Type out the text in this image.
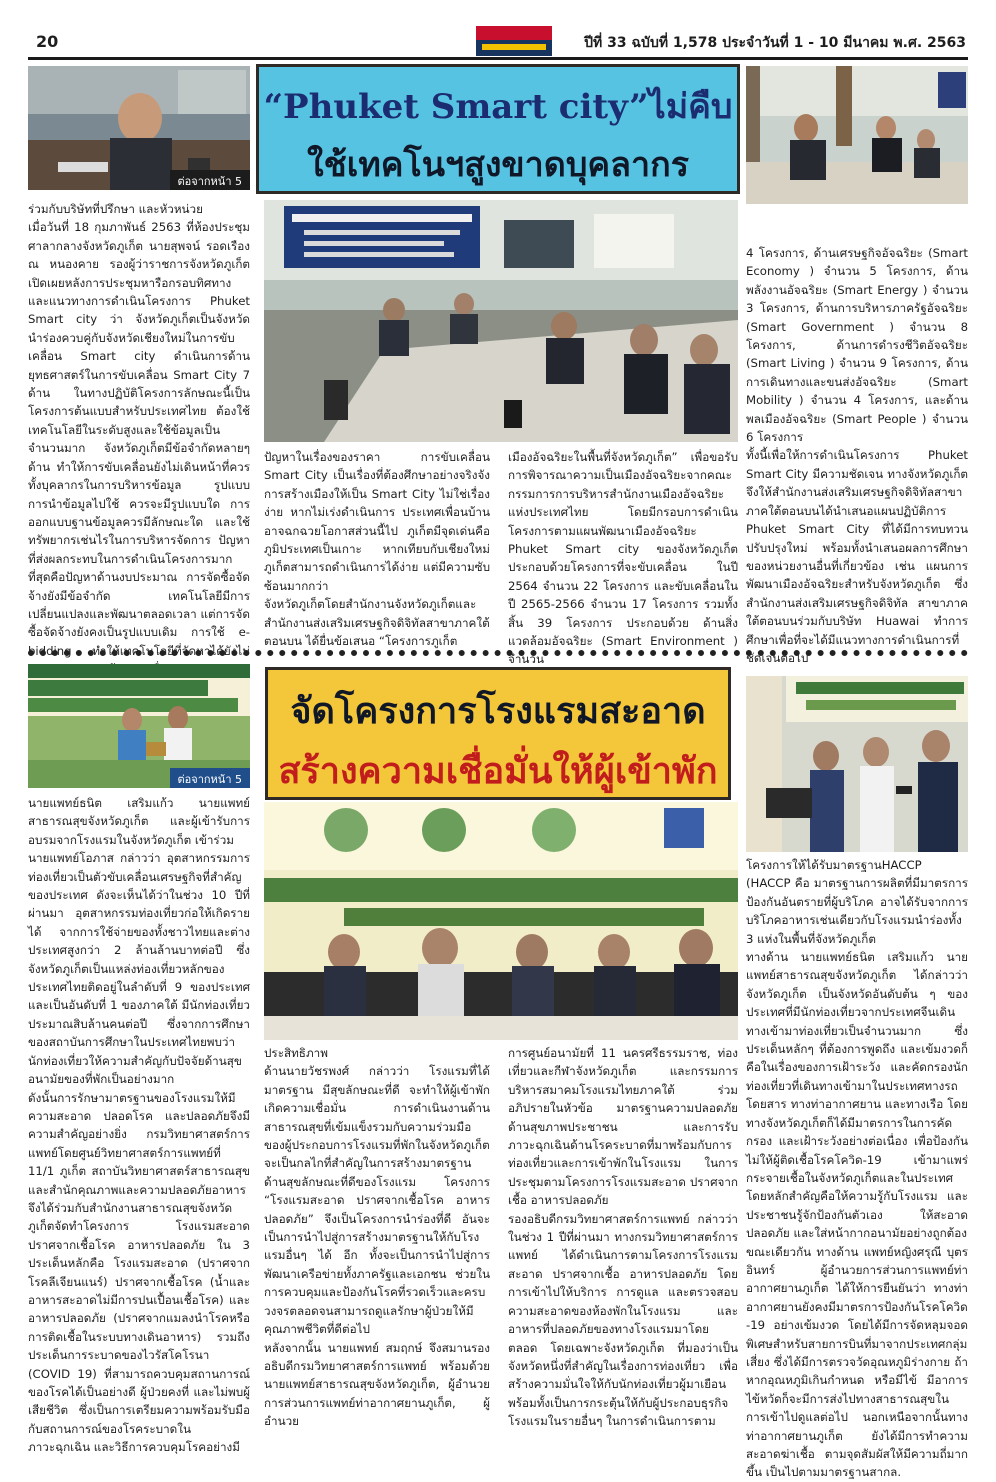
20	ปีที่ 33 ฉบับที่ 1,578 ประจำวันที่ 1 - 10 มีนาคม พ.ศ. 2563
ต่อจากหน้า 5
“Phuket Smart city”ไม่คืบ
ใช้เทคโนฯสูงขาดบุคลากร

ร่วมกับบริษัทที่ปรึกษา และหัวหน่วย
เมื่อวันที่ 18 กุมภาพันธ์ 2563 ที่ห้องประชุมศาลากลางจังหวัดภูเก็ต นายสุพจน์ รอดเรือง ณ หนองคาย รองผู้ว่าราชการจังหวัดภูเก็ต เปิดเผยหลังการประชุมหารือกรอบทิศทางและแนวทางการดำเนินโครงการ Phuket Smart city ว่า จังหวัดภูเก็ตเป็นจังหวัดนำร่องควบคู่กับจังหวัดเชียงใหม่ในการขับเคลื่อน Smart city ดำเนินการด้านยุทธศาสตร์ในการขับเคลื่อน Smart City 7 ด้าน ในทางปฏิบัติโครงการลักษณะนี้เป็นโครงการต้นแบบสำหรับประเทศไทย ต้องใช้เทคโนโลยีในระดับสูงและใช้ข้อมูลเป็นจำนวนมาก จังหวัดภูเก็ตมีข้อจำกัดหลายๆ ด้าน ทำให้การขับเคลื่อนยังไม่เดินหน้าที่ควรทั้งบุคลากรในการบริหารข้อมูล รูปแบบการนำข้อมูลไปใช้ ควรจะมีรูปแบบใด การออกแบบฐานข้อมูลควรมีลักษณะใด และใช้ทรัพยากรเช่นไรในการบริหารจัดการ ปัญหาที่ส่งผลกระทบในการดำเนินโครงการมากที่สุดคือปัญหาด้านงบประมาณ การจัดซื้อจัดจ้างยังมีข้อจำกัด เทคโนโลยีมีการเปลี่ยนแปลงและพัฒนาตลอดเวลา แต่การจัดซื้อจัดจ้างยังคงเป็นรูปแบบเดิม การใช้ e-bidding ทำให้เทคโนโลยีที่จัดหาได้ยังไม่

ปัญหาในเรื่องของราคา การขับเคลื่อน Smart City เป็นเรื่องที่ต้องศึกษาอย่างจริงจัง การสร้างเมืองให้เป็น Smart City ไม่ใช่เรื่องง่าย หากไม่เร่งดำเนินการ ประเทศเพื่อนบ้านอาจฉกฉวยโอกาสส่วนนี้ไป ภูเก็ตมีจุดเด่นคือภูมิประเทศเป็นเกาะ หากเทียบกับเชียงใหม่ภูเก็ตสามารถดำเนินการได้ง่าย แต่มีความซับซ้อนมากกว่า
จังหวัดภูเก็ตโดยสำนักงานจังหวัดภูเก็ตและสำนักงานส่งเสริมเศรษฐกิจดิจิทัลสาขาภาคใต้ตอนบน ได้ยื่นข้อเสนอ “โครงการภูเก็ต

เมืองอัจฉริยะในพื้นที่จังหวัดภูเก็ต” เพื่อขอรับการพิจารณาความเป็นเมืองอัจฉริยะจากคณะกรรมการการบริหารสำนักงานเมืองอัจฉริยะแห่งประเทศไทย โดยมีกรอบการดำเนินโครงการตามแผนพัฒนาเมืองอัจฉริยะ Phuket Smart city ของจังหวัดภูเก็ต ประกอบด้วยโครงการที่จะขับเคลื่อน ในปี 2564 จำนวน 22 โครงการ และขับเคลื่อนในปี 2565-2566 จำนวน 17 โครงการ รวมทั้งสิ้น 39 โครงการ ประกอบด้วย ด้านสิ่งแวดล้อมอัจฉริยะ (Smart Environment ) จำนวน

4 โครงการ, ด้านเศรษฐกิจอัจฉริยะ (Smart Economy ) จำนวน 5 โครงการ, ด้านพลังงานอัจฉริยะ (Smart Energy ) จำนวน 3 โครงการ, ด้านการบริหารภาครัฐอัจฉริยะ (Smart Government ) จำนวน 8 โครงการ, ด้านการดำรงชีวิตอัจฉริยะ (Smart Living ) จำนวน 9 โครงการ, ด้านการเดินทางและขนส่งอัจฉริยะ (Smart Mobility ) จำนวน 4 โครงการ, และด้านพลเมืองอัจฉริยะ (Smart People ) จำนวน 6 โครงการ
ทั้งนี้เพื่อให้การดำเนินโครงการ Phuket Smart City มีความชัดเจน ทางจังหวัดภูเก็ตจึงให้สำนักงานส่งเสริมเศรษฐกิจดิจิทัลสาขาภาคใต้ตอนบนได้นำเสนอแผนปฏิบัติการ Phuket Smart City ที่ได้มีการทบทวนปรับปรุงใหม่ พร้อมทั้งนำเสนอผลการศึกษาของหน่วยงานอื่นที่เกี่ยวข้อง เช่น แผนการพัฒนาเมืองอัจฉริยะสำหรับจังหวัดภูเก็ต ซึ่งสำนักงานส่งเสริมเศรษฐกิจดิจิทัล สาขาภาคใต้ตอนบนร่วมกับบริษัท Huawai ทำการศึกษาเพื่อที่จะได้มีแนวทางการดำเนินการที่ชัดเจนต่อไป

ต่อจากหน้า 5
จัดโครงการโรงแรมสะอาด
สร้างความเชื่อมั่นให้ผู้เข้าพัก

นายแพทย์ธนิต เสริมแก้ว นายแพทย์สาธารณสุขจังหวัดภูเก็ต และผู้เข้ารับการอบรมจากโรงแรมในจังหวัดภูเก็ต เข้าร่วม
นายแพทย์โอภาส กล่าวว่า อุตสาหกรรมการท่องเที่ยวเป็นตัวขับเคลื่อนเศรษฐกิจที่สำคัญของประเทศ ดังจะเห็นได้ว่าในช่วง 10 ปีที่ผ่านมา อุตสาหกรรมท่องเที่ยวก่อให้เกิดรายได้ จากการใช้จ่ายของทั้งชาวไทยและต่างประเทศสูงกว่า 2 ล้านล้านบาทต่อปี ซึ่งจังหวัดภูเก็ตเป็นแหล่งท่องเที่ยวหลักของประเทศไทยติดอยู่ในลำดับที่ 9 ของประเทศ และเป็นอันดับที่ 1 ของภาคใต้ มีนักท่องเที่ยวประมาณสิบล้านคนต่อปี ซึ่งจากการศึกษาของสถาบันการศึกษาในประเทศไทยพบว่า นักท่องเที่ยวให้ความสำคัญกับปัจจัยด้านสุขอนามัยของที่พักเป็นอย่างมาก
ดังนั้นการรักษามาตรฐานของโรงแรมให้มีความสะอาด ปลอดโรค และปลอดภัยจึงมีความสำคัญอย่างยิ่ง กรมวิทยาศาสตร์การแพทย์โดยศูนย์วิทยาศาสตร์การแพทย์ที่ 11/1 ภูเก็ต สถาบันวิทยาศาสตร์สาธารณสุข และสำนักคุณภาพและความปลอดภัยอาหาร จึงได้ร่วมกับสำนักงานสาธารณสุขจังหวัดภูเก็ตจัดทำโครงการ โรงแรมสะอาด ปราศจากเชื้อโรค อาหารปลอดภัย ใน 3 ประเด็นหลักคือ โรงแรมสะอาด (ปราศจากโรคลีเจียนแนร์) ปราศจากเชื้อโรค (น้ำและอาหารสะอาดไม่มีการปนเปื้อนเชื้อโรค) และอาหารปลอดภัย (ปราศจากแมลงนำโรคหรือการติดเชื้อในระบบทางเดินอาหาร) รวมถึงประเด็นการระบาดของไวรัสโคโรนา (COVID 19) ที่สามารถควบคุมสถานการณ์ของโรคได้เป็นอย่างดี ผู้ป่วยคงที่ และไม่พบผู้เสียชีวิต ซึ่งเป็นการเตรียมความพร้อมรับมือกับสถานการณ์ของโรคระบาดในภาวะฉุกเฉิน และวิธีการควบคุมโรคอย่างมี

ประสิทธิภาพ
ด้านนายวัชรพงศ์ กล่าวว่า โรงแรมที่ได้มาตรฐาน มีสุขลักษณะที่ดี จะทำให้ผู้เข้าพักเกิดความเชื่อมั่น การดำเนินงานด้านสาธารณสุขที่เข้มแข็งรวมกับความร่วมมือของผู้ประกอบการโรงแรมที่พักในจังหวัดภูเก็ต จะเป็นกลไกที่สำคัญในการสร้างมาตรฐานด้านสุขลักษณะที่ดีของโรงแรม โครงการ “โรงแรมสะอาด ปราศจากเชื้อโรค อาหารปลอดภัย” จึงเป็นโครงการนำร่องที่ดี อันจะเป็นการนำไปสู่การสร้างมาตรฐานให้กับโรงแรมอื่นๆ ได้ อีก ทั้งจะเป็นการนำไปสู่การพัฒนาเครือข่ายทั้งภาครัฐและเอกชน ช่วยในการควบคุมและป้องกันโรคที่รวดเร็วและครบวงจรตลอดจนสามารถดูแลรักษาผู้ป่วยให้มีคุณภาพชีวิตที่ดีต่อไป
หลังจากนั้น นายแพทย์ สมฤกษ์ จึงสมานรองอธิบดีกรมวิทยาศาสตร์การแพทย์ พร้อมด้วย นายแพทย์สาธารณสุขจังหวัดภูเก็ต, ผู้อำนวยการส่วนการแพทย์ท่าอากาศยานภูเก็ต, ผู้อำนวย

การศูนย์อนามัยที่ 11 นครศรีธรรมราช, ท่องเที่ยวและกีฬาจังหวัดภูเก็ต และกรรมการบริหารสมาคมโรงแรมไทยภาคใต้ ร่วมอภิปรายในหัวข้อ มาตรฐานความปลอดภัยด้านสุขภาพประชาชน และการรับภาวะฉุกเฉินด้านโรคระบาดที่มาพร้อมกับการท่องเที่ยวและการเข้าพักในโรงแรม ในการประชุมตามโครงการโรงแรมสะอาด ปราศจากเชื้อ อาหารปลอดภัย
รองอธิบดีกรมวิทยาศาสตร์การแพทย์ กล่าวว่า ในช่วง 1 ปีที่ผ่านมา ทางกรมวิทยาศาสตร์การแพทย์ ได้ดำเนินการตามโครงการโรงแรมสะอาด ปราศจากเชื้อ อาหารปลอดภัย โดยการเข้าไปให้บริการ การดูแล และตรวจสอบความสะอาดของห้องพักในโรงแรม และอาหารที่ปลอดภัยของทางโรงแรมมาโดยตลอด โดยเฉพาะจังหวัดภูเก็ต ที่มองว่าเป็นจังหวัดหนึ่งที่สำคัญในเรื่องการท่องเที่ยว เพื่อสร้างความมั่นใจให้กับนักท่องเที่ยวผู้มาเยือน พร้อมทั้งเป็นการกระตุ้นให้กับผู้ประกอบธุรกิจโรงแรมในรายอื่นๆ ในการดำเนินการตาม

โครงการให้ได้รับมาตรฐานHACCP (HACCP คือ มาตรฐานการผลิตที่มีมาตรการป้องกันอันตรายที่ผู้บริโภค อาจได้รับจากการบริโภคอาหารเช่นเดียวกับโรงแรมนำร่องทั้ง 3 แห่งในพื้นที่จังหวัดภูเก็ต
ทางด้าน นายแพทย์ธนิต เสริมแก้ว นายแพทย์สาธารณสุขจังหวัดภูเก็ต ได้กล่าวว่า จังหวัดภูเก็ต เป็นจังหวัดอันดับต้น ๆ ของประเทศที่มีนักท่องเที่ยวจากประเทศจีนเดินทางเข้ามาท่องเที่ยวเป็นจำนวนมาก ซึ่งประเด็นหลักๆ ที่ต้องการพูดถึง และเข้มงวดก็คือในเรื่องของการเฝ้าระวัง และคัดกรองนักท่องเที่ยวที่เดินทางเข้ามาในประเทศทางรถโดยสาร ทางท่าอากาศยาน และทางเรือ โดยทางจังหวัดภูเก็ตก็ได้มีมาตรการในการคัดกรอง และเฝ้าระวังอย่างต่อเนื่อง เพื่อป้องกันไม่ให้ผู้ติดเชื้อโรคโควิด-19 เข้ามาแพร่กระจายเชื้อในจังหวัดภูเก็ตและในประเทศ โดยหลักสำคัญคือให้ความรู้กับโรงแรม และประชาชนรู้จักป้องกันตัวเอง ให้สะอาด ปลอดภัย และใส่หน้ากากอนามัยอย่างถูกต้อง
ขณะเดียวกัน ทางด้าน แพทย์หญิงศรุณี บุตรอินทร์ ผู้อำนวยการส่วนการแพทย์ท่าอากาศยานภูเก็ต ได้ให้การยืนยันว่า ทางท่าอากาศยานยังคงมีมาตรการป้องกันโรคโควิด -19 อย่างเข้มงวด โดยได้มีการจัดหลุมจอดพิเศษสำหรับสายการบินที่มาจากประเทศกลุ่มเสี่ยง ซึ่งได้มีการตรวจวัดอุณหภูมิร่างกาย ถ้าหากอุณหภูมิเกินกำหนด หรือมีไข้ มีอาการไข้หวัดก็จะมีการส่งไปทางสาธารณสุขในการเข้าไปดูแลต่อไป นอกเหนือจากนั้นทางท่าอากาศยานภูเก็ต ยังได้มีการทำความสะอาดฆ่าเชื้อ ตามจุดสัมผัสให้มีความถี่มากขึ้น เป็นไปตามมาตรฐานสากล.
